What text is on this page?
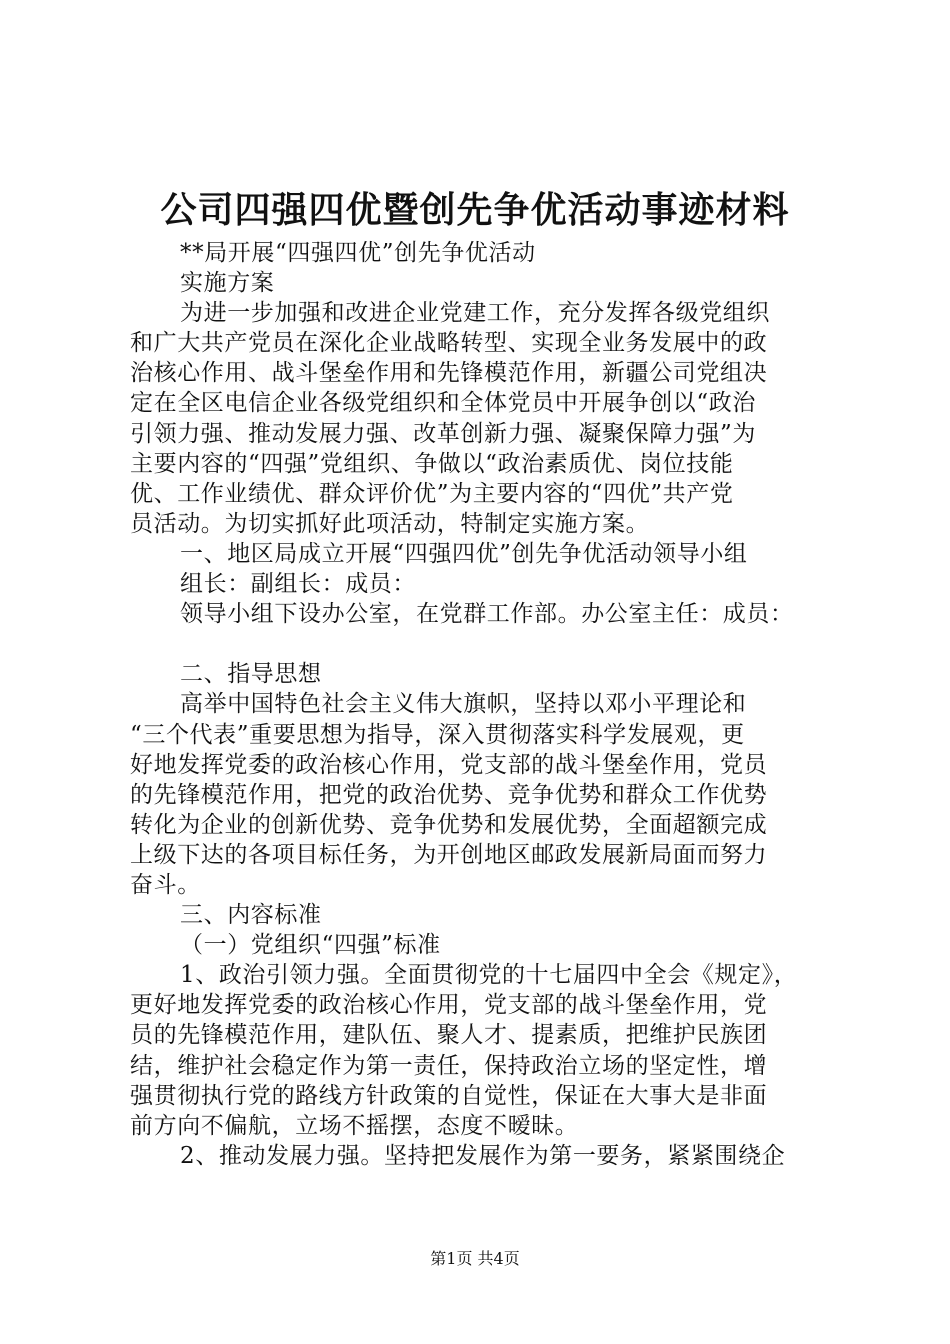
公司四强四优暨创先争优活动事迹材料
**局开展“四强四优”创先争优活动
实施方案
为进一步加强和改进企业党建工作，充分发挥各级党组织
和广大共产党员在深化企业战略转型、实现全业务发展中的政
治核心作用、战斗堡垒作用和先锋模范作用，新疆公司党组决
定在全区电信企业各级党组织和全体党员中开展争创以“政治
引领力强、推动发展力强、改革创新力强、凝聚保障力强”为
主要内容的“四强”党组织、争做以“政治素质优、岗位技能
优、工作业绩优、群众评价优”为主要内容的“四优”共产党
员活动。为切实抓好此项活动，特制定实施方案。
一、地区局成立开展“四强四优”创先争优活动领导小组
组长：副组长：成员：
领导小组下设办公室，在党群工作部。办公室主任：成员：
二、指导思想
高举中国特色社会主义伟大旗帜，坚持以邓小平理论和
“三个代表”重要思想为指导，深入贯彻落实科学发展观，更
好地发挥党委的政治核心作用，党支部的战斗堡垒作用，党员
的先锋模范作用，把党的政治优势、竞争优势和群众工作优势
转化为企业的创新优势、竞争优势和发展优势，全面超额完成
上级下达的各项目标任务，为开创地区邮政发展新局面而努力
奋斗。
三、内容标准
（一）党组织“四强”标准
1、政治引领力强。全面贯彻党的十七届四中全会《规定》，
更好地发挥党委的政治核心作用，党支部的战斗堡垒作用，党
员的先锋模范作用，建队伍、聚人才、提素质，把维护民族团
结，维护社会稳定作为第一责任，保持政治立场的坚定性，增
强贯彻执行党的路线方针政策的自觉性，保证在大事大是非面
前方向不偏航，立场不摇摆，态度不暧昧。
2、推动发展力强。坚持把发展作为第一要务，紧紧围绕企
第1页 共4页
